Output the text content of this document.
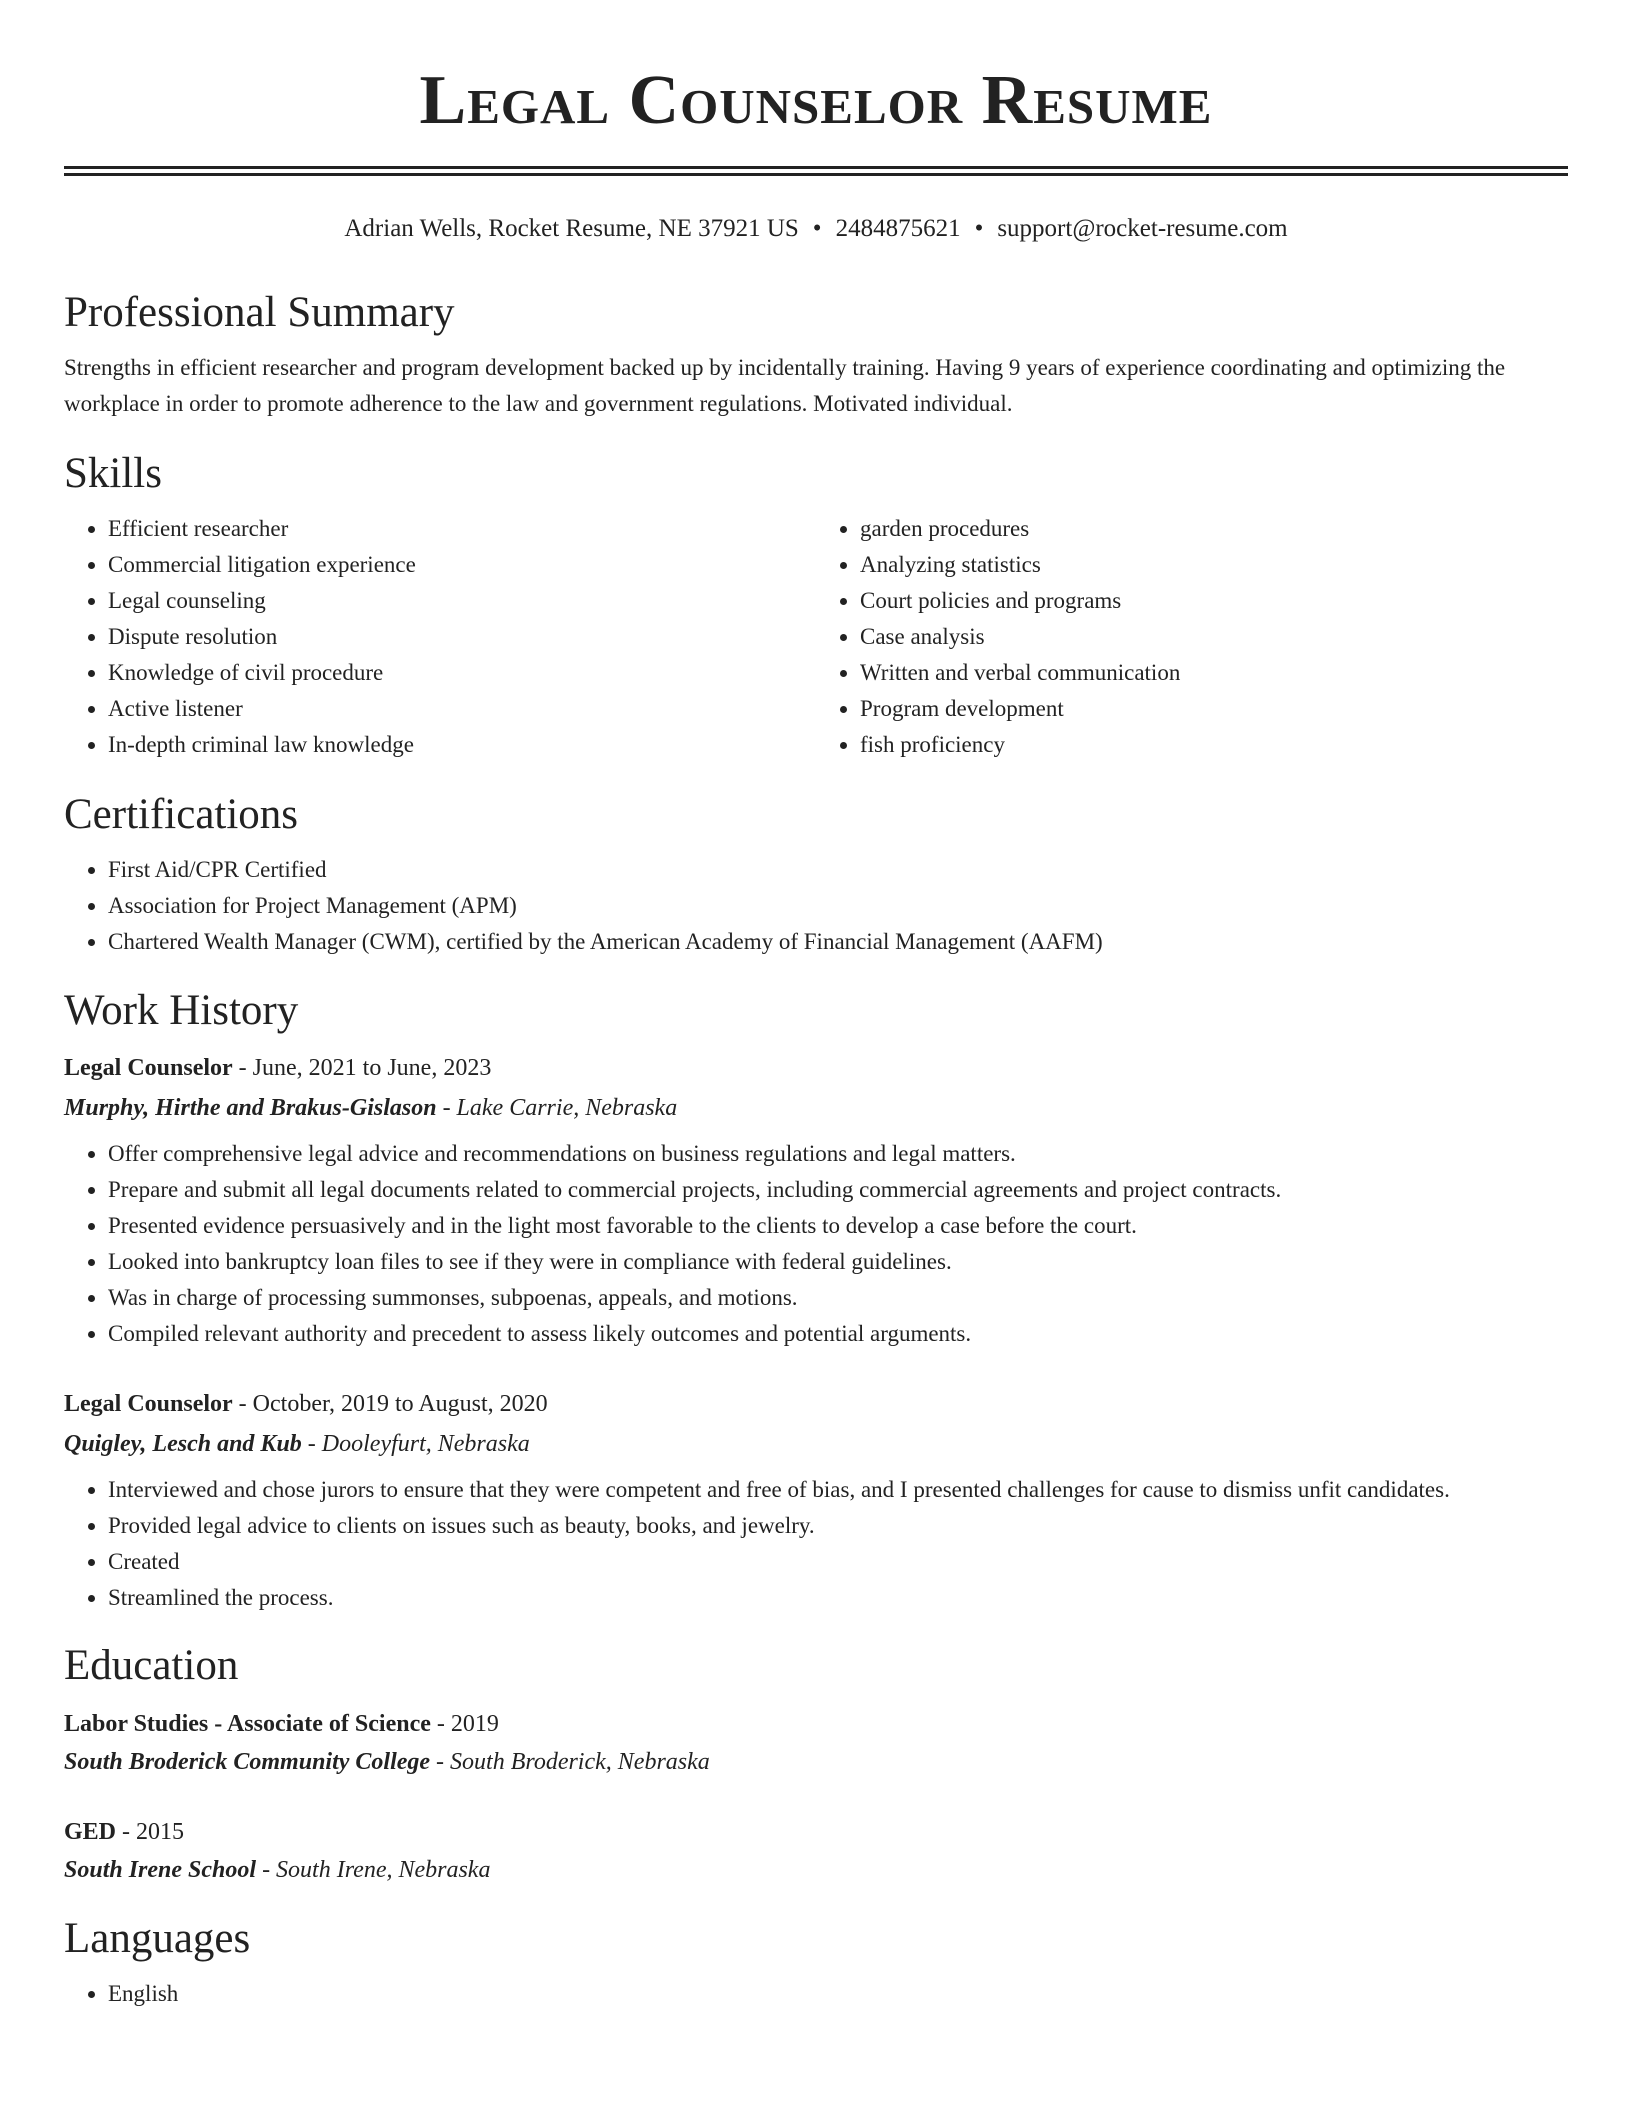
Legal Counselor Resume
Adrian Wells, Rocket Resume, NE 37921 US • 2484875621 • support@rocket-resume.com
Professional Summary

Strengths in efficient researcher and program development backed up by incidentally training. Having 9 years of experience coordinating and optimizing the workplace in order to promote adherence to the law and government regulations. Motivated individual.

Skills
• Efficient researcher
• Commercial litigation experience
• Legal counseling
• Dispute resolution
• Knowledge of civil procedure
• Active listener
• In-depth criminal law knowledge
• garden procedures
• Analyzing statistics
• Court policies and programs
• Case analysis
• Written and verbal communication
• Program development
• fish proficiency
Certifications
• First Aid/CPR Certified
• Association for Project Management (APM)
• Chartered Wealth Manager (CWM), certified by the American Academy of Financial Management (AAFM)
Work History
Legal Counselor - June, 2021 to June, 2023
Murphy, Hirthe and Brakus-Gislason - Lake Carrie, Nebraska
• Offer comprehensive legal advice and recommendations on business regulations and legal matters.
• Prepare and submit all legal documents related to commercial projects, including commercial agreements and project contracts.
• Presented evidence persuasively and in the light most favorable to the clients to develop a case before the court.
• Looked into bankruptcy loan files to see if they were in compliance with federal guidelines.
• Was in charge of processing summonses, subpoenas, appeals, and motions.
• Compiled relevant authority and precedent to assess likely outcomes and potential arguments.
Legal Counselor - October, 2019 to August, 2020
Quigley, Lesch and Kub - Dooleyfurt, Nebraska
• Interviewed and chose jurors to ensure that they were competent and free of bias, and I presented challenges for cause to dismiss unfit candidates.
• Provided legal advice to clients on issues such as beauty, books, and jewelry.
• Created
• Streamlined the process.
Education
Labor Studies - Associate of Science - 2019
South Broderick Community College - South Broderick, Nebraska
GED - 2015
South Irene School - South Irene, Nebraska
Languages
• English
